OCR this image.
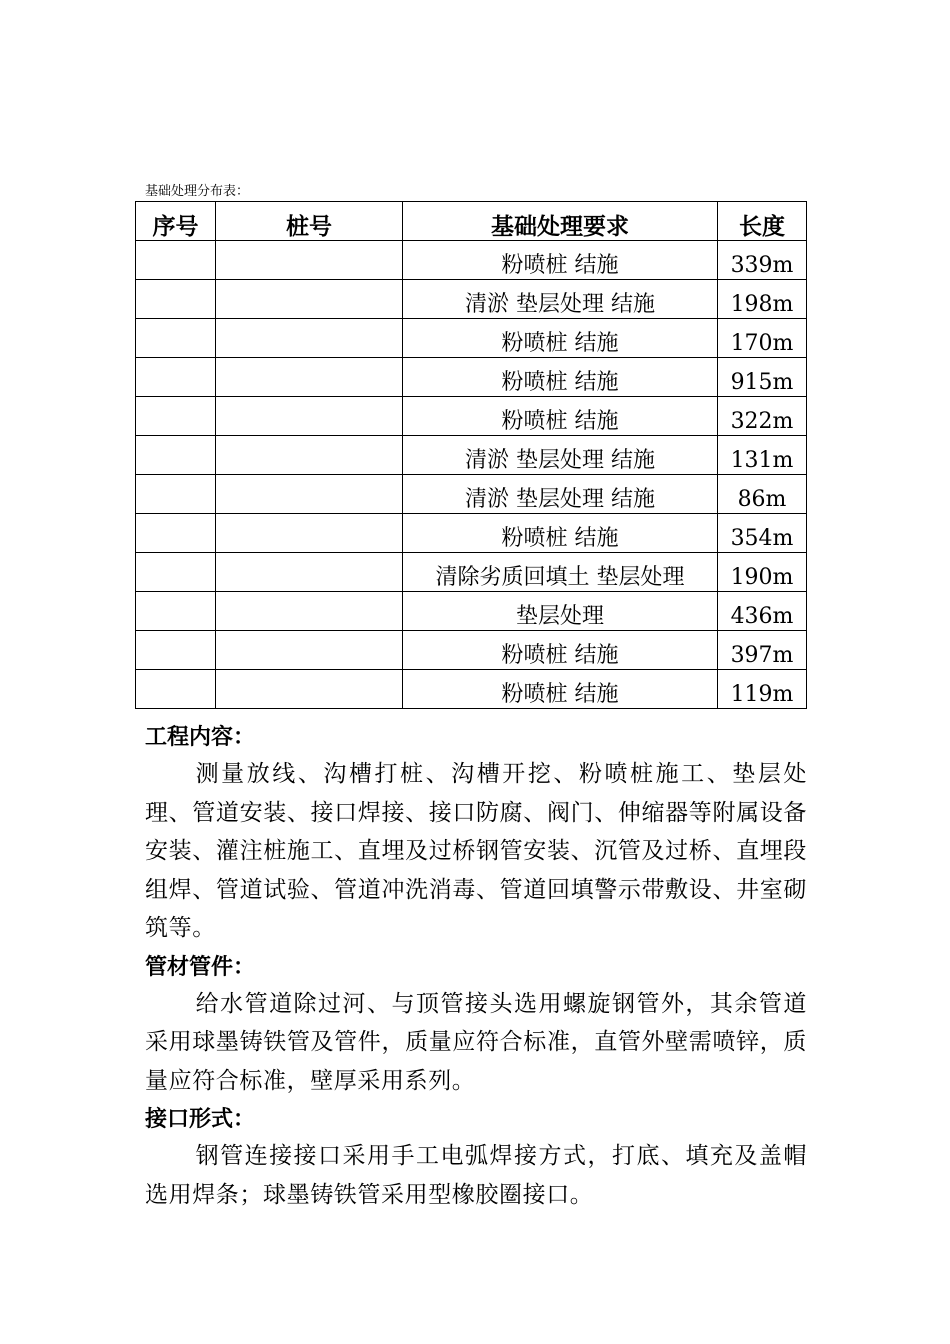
基础处理分布表：
序号	桩号	基础处理要求	长度
		粉喷桩 结施	339m
		清淤 垫层处理 结施	198m
		粉喷桩 结施	170m
		粉喷桩 结施	915m
		粉喷桩 结施	322m
		清淤 垫层处理 结施	131m
		清淤 垫层处理 结施	86m
		粉喷桩 结施	354m
		清除劣质回填土 垫层处理	190m
		垫层处理	436m
		粉喷桩 结施	397m
		粉喷桩 结施	119m

工程内容：

测量放线、沟槽打桩、沟槽开挖、粉喷桩施工、垫层处理、管道安装、接口焊接、接口防腐、阀门、伸缩器等附属设备安装、灌注桩施工、直埋及过桥钢管安装、沉管及过桥、直埋段组焊、管道试验、管道冲洗消毒、管道回填警示带敷设、井室砌筑等。

管材管件：

给水管道除过河、与顶管接头选用螺旋钢管外，其余管道采用球墨铸铁管及管件，质量应符合标准，直管外壁需喷锌，质量应符合标准，壁厚采用系列。

接口形式：

钢管连接接口采用手工电弧焊接方式，打底、填充及盖帽选用焊条；球墨铸铁管采用型橡胶圈接口。
